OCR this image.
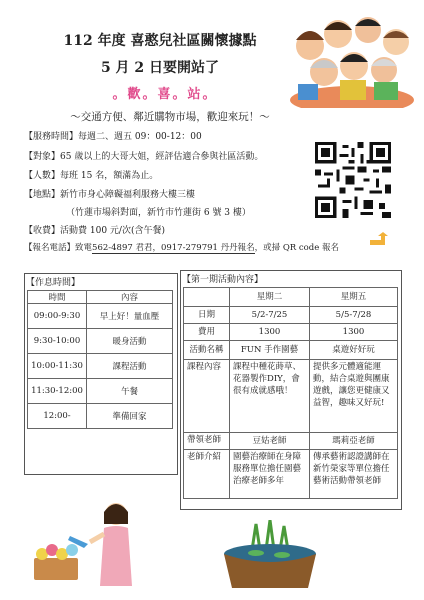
112 年度 喜憨兒社區關懷據點
5 月 2 日要開站了
。歡。喜。站。
～交通方便、鄰近購物市場，歡迎來玩！～
【服務時間】每週二、週五 09：00-12：00
【對象】65 歲以上的大哥大姐，經評估適合參與社區活動。
【人數】每班 15 名，額滿為止。
【地點】新竹市身心障礙福利服務大樓三樓
（竹蓮市場斜對面，新竹市竹蓮街 6 號 3 樓）
【收費】活動費 100 元/次(含午餐)
【報名電話】致電562-4897 君君，0917-279791 丹丹報名，或掃 QR code 報名
【作息時間】
時間	內容
09:00-9:30	早上好！量血壓
9:30-10:00	暖身活動
10:00-11:30	課程活動
11:30-12:00	午餐
12:00-	準備回家
【第一期活動內容】
	星期二	星期五
日期	5/2-7/25	5/5-7/28
費用	1300	1300
活動名稱	FUN 手作園藝	桌遊好好玩
課程內容	課程中種花蒔草、花器製作DIY，會很有成就感哦！	提供多元體適能運動，結合桌遊與團康遊戲，讓您更健康又益智，趣味又好玩!
帶領老師	豆姑老師	瑪莉亞老師
老師介紹	園藝治療師在身障服務單位擔任園藝治療老師多年	傳承藝術認證講師在新竹榮家等單位擔任藝術活動帶領老師
